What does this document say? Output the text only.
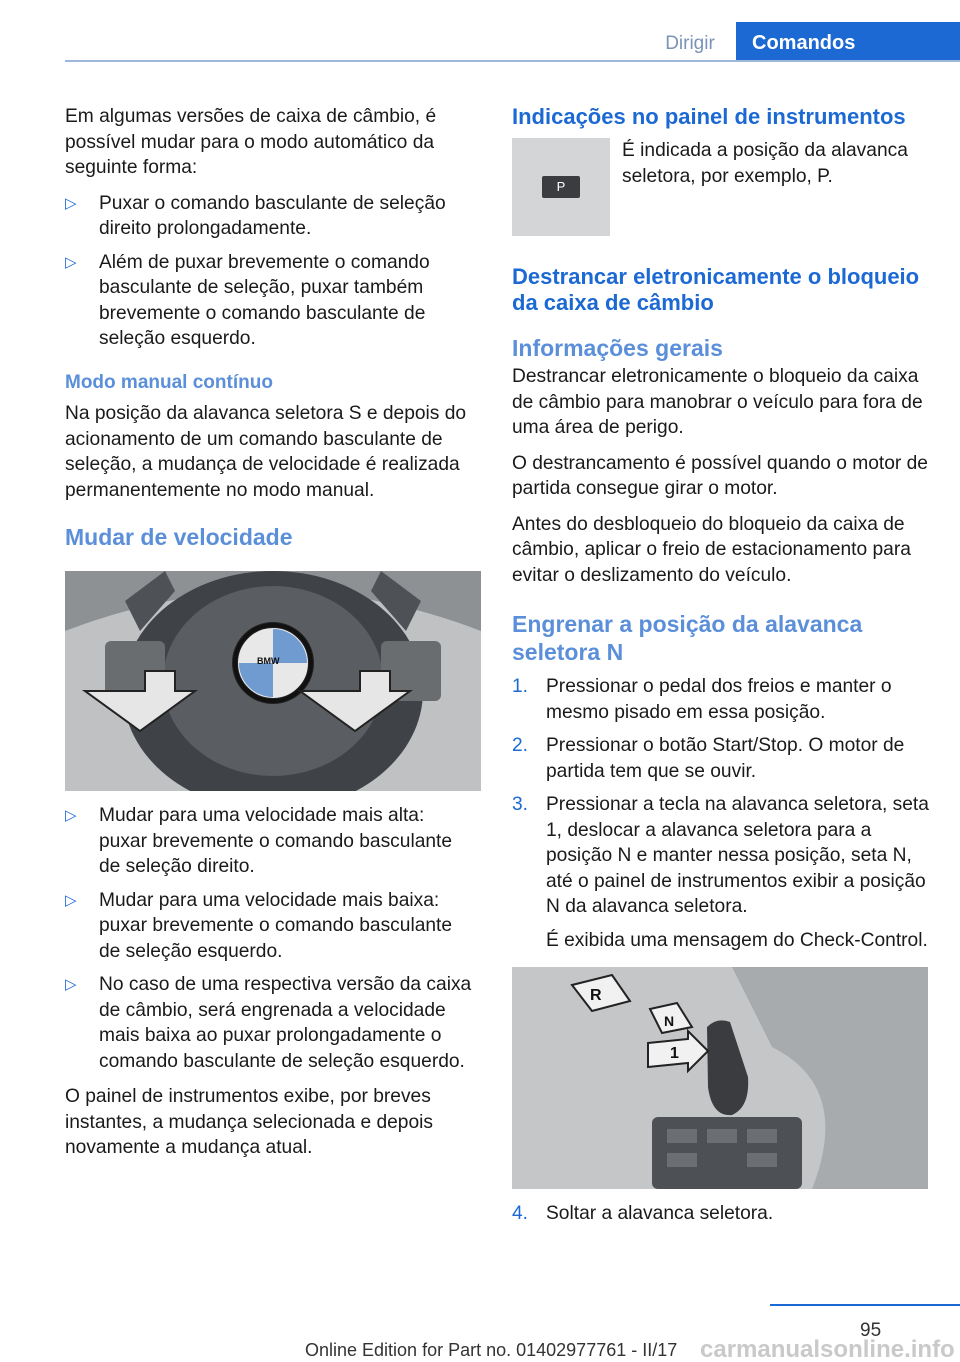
Dirigir	Comandos

Em algumas versões de caixa de câmbio, é possível mudar para o modo automático da seguinte forma:

▷ Puxar o comando basculante de seleção direito prolongadamente.
▷ Além de puxar brevemente o comando basculante de seleção, puxar também brevemente o comando basculante de seleção esquerdo.
Modo manual contínuo

Na posição da alavanca seletora S e depois do acionamento de um comando basculante de seleção, a mudança de velocidade é realizada permanentemente no modo manual.

Mudar de velocidade
BMW
▷ Mudar para uma velocidade mais alta: puxar brevemente o comando basculante de seleção direito.
▷ Mudar para uma velocidade mais baixa: puxar brevemente o comando basculante de seleção esquerdo.
▷ No caso de uma respectiva versão da caixa de câmbio, será engrenada a velocidade mais baixa ao puxar prolongadamente o comando basculante de seleção esquerdo.

O painel de instrumentos exibe, por breves instantes, a mudança selecionada e depois novamente a mudança atual.

Indicações no painel de instrumentos
P
É indicada a posição da alavanca seletora, por exemplo, P.
Destrancar eletronicamente o bloqueio da caixa de câmbio
Informações gerais

Destrancar eletronicamente o bloqueio da caixa de câmbio para manobrar o veículo para fora de uma área de perigo.

O destrancamento é possível quando o motor de partida consegue girar o motor.

Antes do desbloqueio do bloqueio da caixa de câmbio, aplicar o freio de estacionamento para evitar o deslizamento do veículo.

Engrenar a posição da alavanca seletora N
1. Pressionar o pedal dos freios e manter o mesmo pisado em essa posição.
2. Pressionar o botão Start/Stop. O motor de partida tem que se ouvir.
3. Pressionar a tecla na alavanca seletora, seta 1, deslocar a alavanca seletora para a posição N e manter nessa posição, seta N, até o painel de instrumentos exibir a posição N da alavanca seletora.
É exibida uma mensagem do Check-Control.
R
N
1
4. Soltar a alavanca seletora.
95
Online Edition for Part no. 01402977761 - II/17 carmanualsonline.info
